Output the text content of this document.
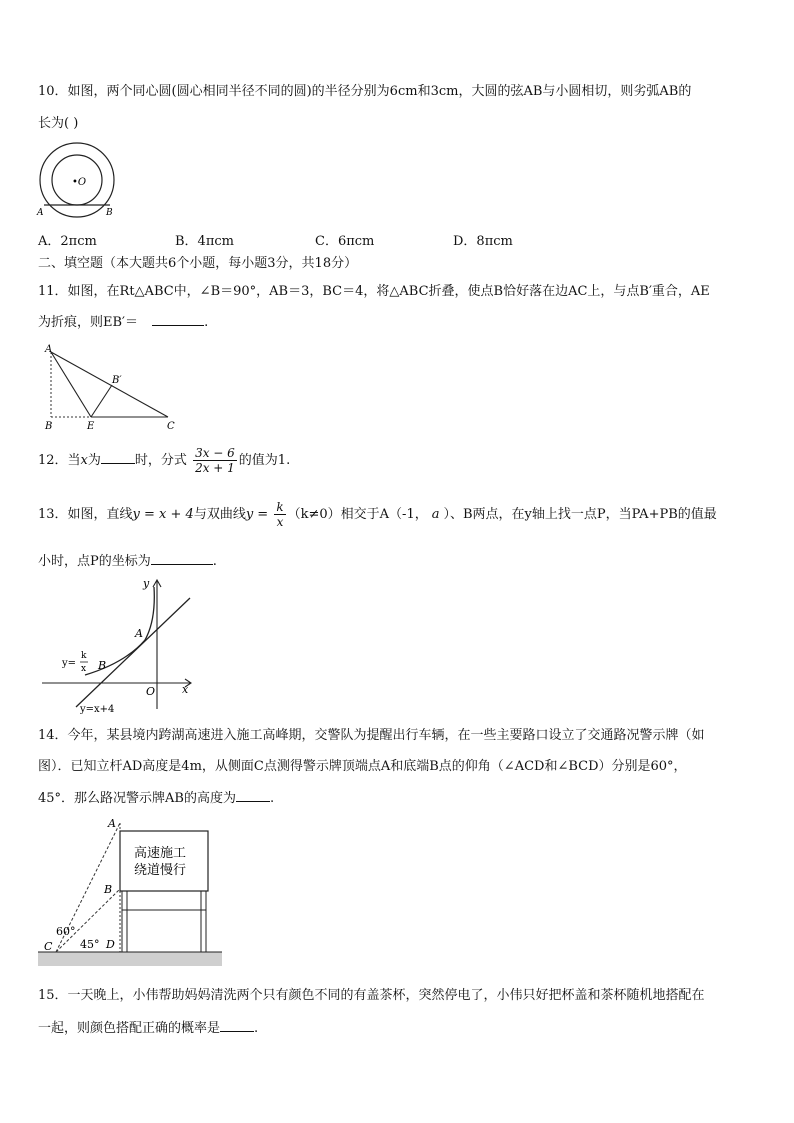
10．如图，两个同心圆(圆心相同半径不同的圆)的半径分别为6cm和3cm，大圆的弦AB与小圆相切，则劣弧AB的
长为( )
•O
A	B
A．2πcm	B．4πcm	C．6πcm	D．8πcm
二、填空题（本大题共6个小题，每小题3分，共18分）
11．如图，在Rt△ABC中，∠B＝90°，AB＝3，BC＝4，将△ABC折叠，使点B恰好落在边AC上，与点B′重合，AE
为折痕，则EB′＝	.
A
B′
B	E	C
12．当x为	时，分式 $\frac{3x - 6}{2x + 1}$ 的值为1.
13．如图，直线y = x + 4与双曲线$y = \frac{k}{x} (k\ne 0)$相交于A（-1， a ）、B两点，在y轴上找一点P，当PA+PB的值最
小时，点P的坐标为	.
y
x
O
A
B
y=
k
x
y=x+4
14．今年，某县境内跨湖高速进入施工高峰期，交警队为提醒出行车辆，在一些主要路口设立了交通路况警示牌（如
图）．已知立杆AD高度是4m，从侧面C点测得警示牌顶端点A和底端B点的仰角（∠ACD和∠BCD）分别是60°，
45°．那么路况警示牌AB的高度为	.
高速施工
绕道慢行
A
B
60°
45°
C	D
15．一天晚上，小伟帮助妈妈清洗两个只有颜色不同的有盖茶杯，突然停电了，小伟只好把杯盖和茶杯随机地搭配在
一起，则颜色搭配正确的概率是	.
